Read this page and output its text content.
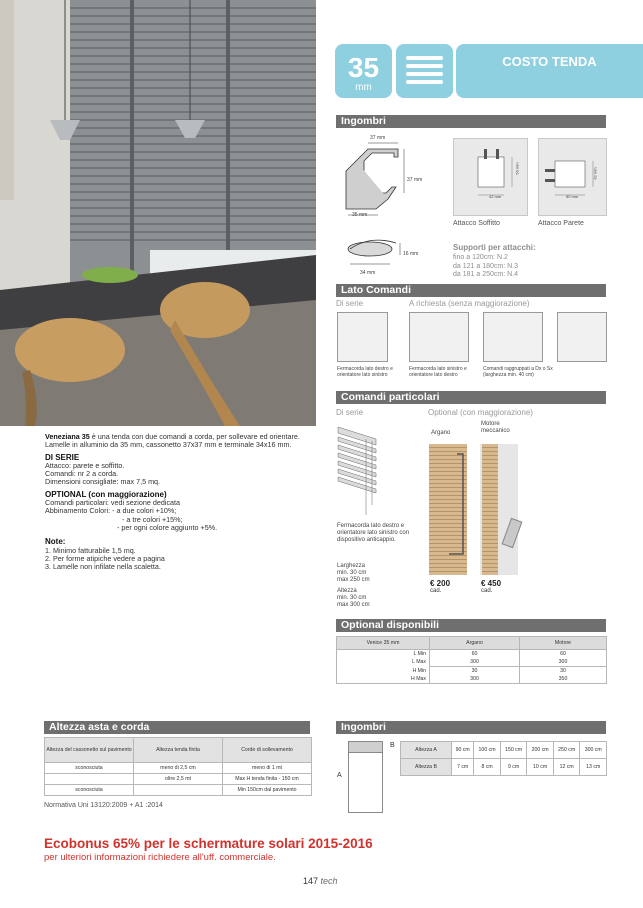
35
mm
COSTO TENDA
Ingombri
37 mm
37 mm
35 mm
16 mm
34 mm
42 mm
50 mm
Attacco Soffitto
50 mm
42 mm
Attacco Parete
Supporti per attacchi:
fino a 120cm: N.2
da 121 a 180cm: N.3
da 181 a 250cm: N.4
Lato Comandi
Di serie	A richiesta (senza maggiorazione)
Fermacorda lato destro e orientatore lato sinistro
Fermacorda lato sinistro e orientatore lato destro
Comandi raggruppati a Dx o Sx (larghezza min. 40 cm)
Comandi particolari
Di serie	Optional (con maggiorazione)
Fermacorda lato destro e orientatore lato sinistro con dispositivo anticappio.
Larghezza
min. 30 cm
max 250 cm
Altezza
min. 30 cm
max 300 cm
Argano
Motore meccanico
€ 200
cad.
€ 450
cad.
Optional disponibili
Venice 35 mm	Argano	Motore
L Min	60	60
L Max	300	300
H Min	30	30
H Max	300	350
Veneziana 35 è una tenda con due comandi a corda, per sollevare ed orientare.
Lamelle in alluminio da 35 mm, cassonetto 37x37 mm e terminale 34x16 mm.
DI SERIE
Attacco: parete e soffitto.
Comandi: nr 2 a corda.
Dimensioni consigliate: max 7,5 mq.
OPTIONAL (con maggiorazione)
Comandi particolari: vedi sezione dedicata
Abbinamento Colori: - a due colori +10%;
- a tre colori +15%;
- per ogni colore aggiunto +5%.
Note:
1. Minimo fatturabile 1,5 mq.
2. Per forme atipiche vedere a pagina
3. Lamelle non infilate nella scaletta.
Altezza asta e corda
Altezza del cassonetto sul pavimento	Altezza tenda finita	Corde di sollevamento
sconosciuta	meno di 2,5 cm	meno di 1 mt
	oltre 2,5 mt	Max H tenda finita - 150 cm
sconosciuta		Min 150cm dal pavimento
Normativa Uni 13120:2009 + A1 :2014
Ingombri
A
B
Altezza A	90 cm	100 cm	150 cm	200 cm	250 cm	300 cm
Altezza B	7 cm	8 cm	9 cm	10 cm	12 cm	13 cm
Ecobonus 65% per le schermature solari 2015-2016
per ulteriori informazioni richiedere all'uff. commerciale.
147 tech
